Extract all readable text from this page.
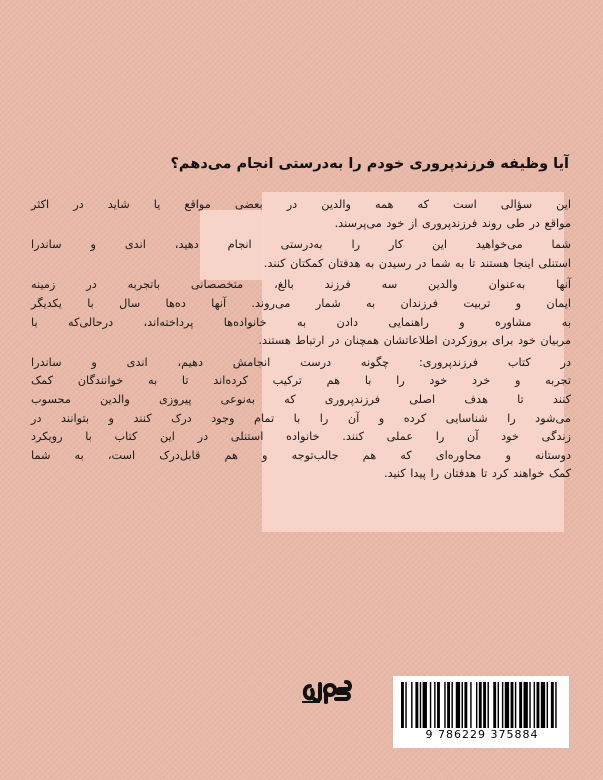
آیا وظیفه فرزندپروری خودم را به‌درستی انجام می‌دهم؟
این سؤالی است که همه والدین در بعضی مواقع یا شاید در اکثر
مواقع در طی روند فرزندپروری از خود می‌پرسند.
شما می‌خواهید این کار را به‌درستی انجام دهید، اندی و ساندرا
استنلی اینجا هستند تا به شما در رسیدن به هدفتان کمکتان کنند.
آنها به‌عنوان والدین سه فرزند بالغ، متخصصانی باتجربه در زمینه
ایمان و تربیت فرزندان به شمار می‌روند. آنها ده‌ها سال با یکدیگر
به مشاوره و راهنمایی دادن به خانواده‌ها پرداخته‌اند، درحالی‌که با
مربیان خود برای بروزکردن اطلاعاتشان همچنان در ارتباط هستند.
در کتاب فرزندپروری: چگونه درست انجامش دهیم، اندی و ساندرا
تجربه و خرد خود را با هم ترکیب کرده‌اند تا به خوانندگان کمک
کنند تا هدف اصلی فرزندپروری که به‌نوعی پیروزی والدین محسوب
می‌شود را شناسایی کرده و آن را با تمام وجود درک کنند و بتوانند در
زندگی خود آن را عملی کنند. خانواده استنلی در این کتاب با رویکرد
دوستانه و محاوره‌ای که هم جالب‌توجه و هم قابل‌درک است، به شما
کمک خواهند کرد تا هدفتان را پیدا کنید.
9 786229 375884
